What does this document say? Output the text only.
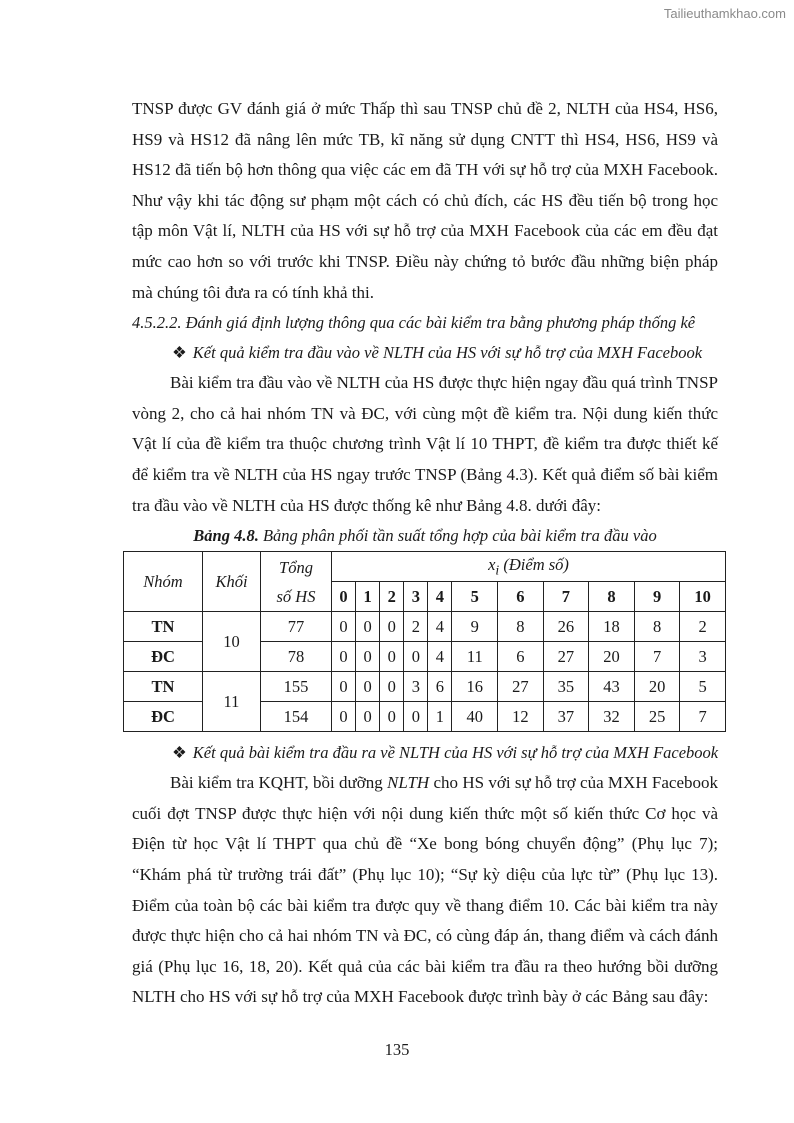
Tailieuthamkhao.com

TNSP được GV đánh giá ở mức Thấp thì sau TNSP chủ đề 2, NLTH của HS4, HS6, HS9 và HS12 đã nâng lên mức TB, kĩ năng sử dụng CNTT thì HS4, HS6, HS9 và HS12 đã tiến bộ hơn thông qua việc các em đã TH với sự hỗ trợ của MXH Facebook. Như vậy khi tác động sư phạm một cách có chủ đích, các HS đều tiến bộ trong học tập môn Vật lí, NLTH của HS với sự hỗ trợ của MXH Facebook của các em đều đạt mức cao hơn so với trước khi TNSP. Điều này chứng tỏ bước đầu những biện pháp mà chúng tôi đưa ra có tính khả thi.

4.5.2.2. Đánh giá định lượng thông qua các bài kiểm tra bằng phương pháp thống kê

❖ Kết quả kiểm tra đầu vào về NLTH của HS với sự hỗ trợ của MXH Facebook

Bài kiểm tra đầu vào về NLTH của HS được thực hiện ngay đầu quá trình TNSP vòng 2, cho cả hai nhóm TN và ĐC, với cùng một đề kiểm tra. Nội dung kiến thức Vật lí của đề kiểm tra thuộc chương trình Vật lí 10 THPT, đề kiểm tra được thiết kế để kiểm tra về NLTH của HS ngay trước TNSP (Bảng 4.3). Kết quả điểm số bài kiểm tra đầu vào về NLTH của HS được thống kê như Bảng 4.8. dưới đây:

Bảng 4.8. Bảng phân phối tần suất tổng hợp của bài kiểm tra đầu vào

Nhóm	Khối	Tổng
số HS	$x_i$ (Điểm số)										
			0	1	2	3	4	5	6	7	8	9	10
TN	10	77	0	0	0	2	4	9	8	26	18	8	2
ĐC		78	0	0	0	0	4	11	6	27	20	7	3
TN	11	155	0	0	0	3	6	16	27	35	43	20	5
ĐC		154	0	0	0	0	1	40	12	37	32	25	7

❖ Kết quả bài kiểm tra đầu ra về NLTH của HS với sự hỗ trợ của MXH Facebook

Bài kiểm tra KQHT, bồi dưỡng NLTH cho HS với sự hỗ trợ của MXH Facebook cuối đợt TNSP được thực hiện với nội dung kiến thức một số kiến thức Cơ học và Điện từ học Vật lí THPT qua chủ đề “Xe bong bóng chuyển động” (Phụ lục 7); “Khám phá từ trường trái đất” (Phụ lục 10); “Sự kỳ diệu của lực từ” (Phụ lục 13). Điểm của toàn bộ các bài kiểm tra được quy về thang điểm 10. Các bài kiểm tra này được thực hiện cho cả hai nhóm TN và ĐC, có cùng đáp án, thang điểm và cách đánh giá (Phụ lục 16, 18, 20). Kết quả của các bài kiểm tra đầu ra theo hướng bồi dưỡng NLTH cho HS với sự hỗ trợ của MXH Facebook được trình bày ở các Bảng sau đây:

135
